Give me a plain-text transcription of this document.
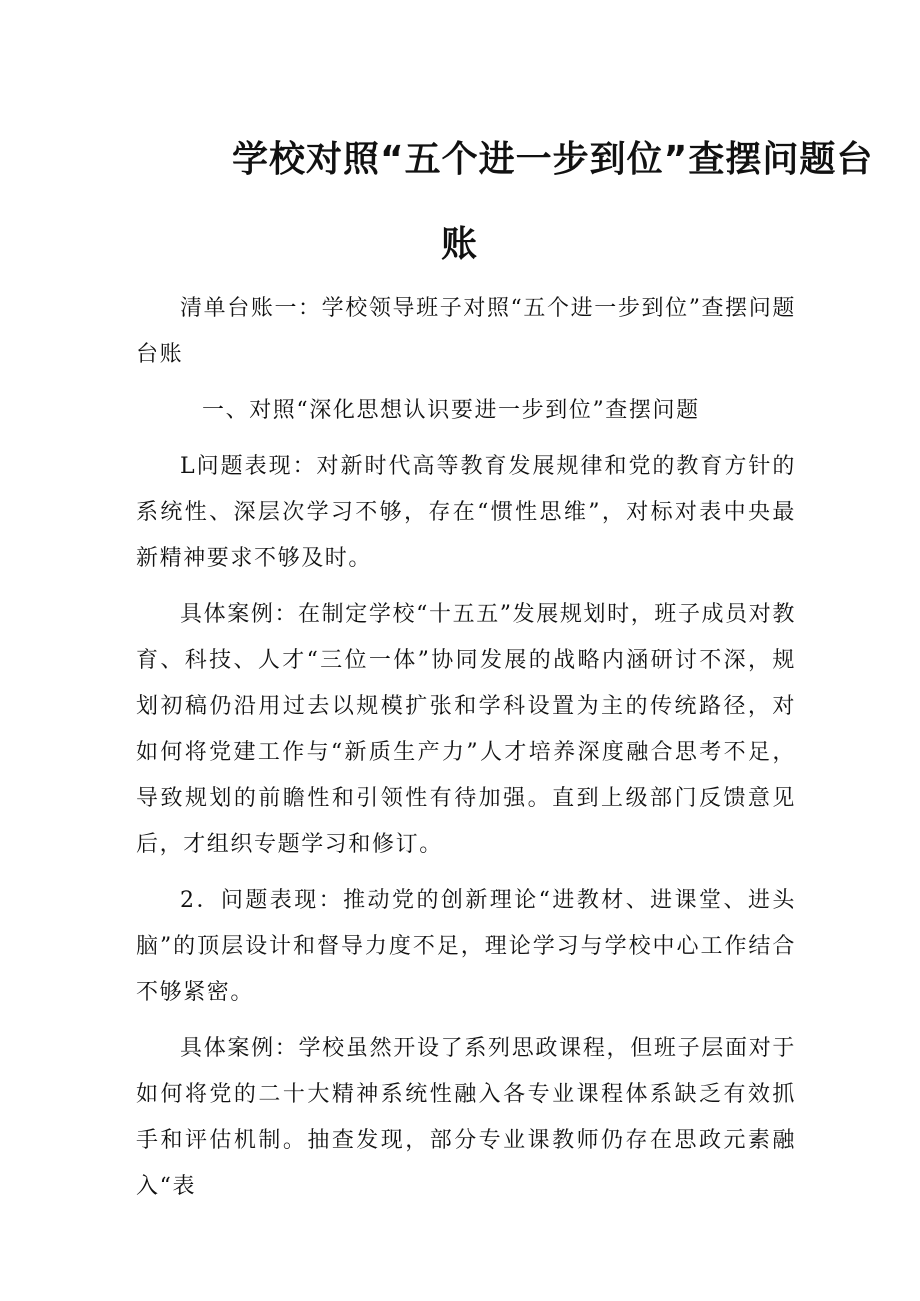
学校对照“五个进一步到位”查摆问题台
账

清单台账一：学校领导班子对照“五个进一步到位”查摆问题台账

一、对照“深化思想认识要进一步到位”查摆问题

L问题表现：对新时代高等教育发展规律和党的教育方针的系统性、深层次学习不够，存在“惯性思维”，对标对表中央最新精神要求不够及时。

具体案例：在制定学校“十五五”发展规划时，班子成员对教育、科技、人才“三位一体”协同发展的战略内涵研讨不深，规划初稿仍沿用过去以规模扩张和学科设置为主的传统路径，对如何将党建工作与“新质生产力”人才培养深度融合思考不足，导致规划的前瞻性和引领性有待加强。直到上级部门反馈意见后，才组织专题学习和修订。

2．问题表现：推动党的创新理论“进教材、进课堂、进头脑”的顶层设计和督导力度不足，理论学习与学校中心工作结合不够紧密。

具体案例：学校虽然开设了系列思政课程，但班子层面对于如何将党的二十大精神系统性融入各专业课程体系缺乏有效抓手和评估机制。抽查发现，部分专业课教师仍存在思政元素融入“表
